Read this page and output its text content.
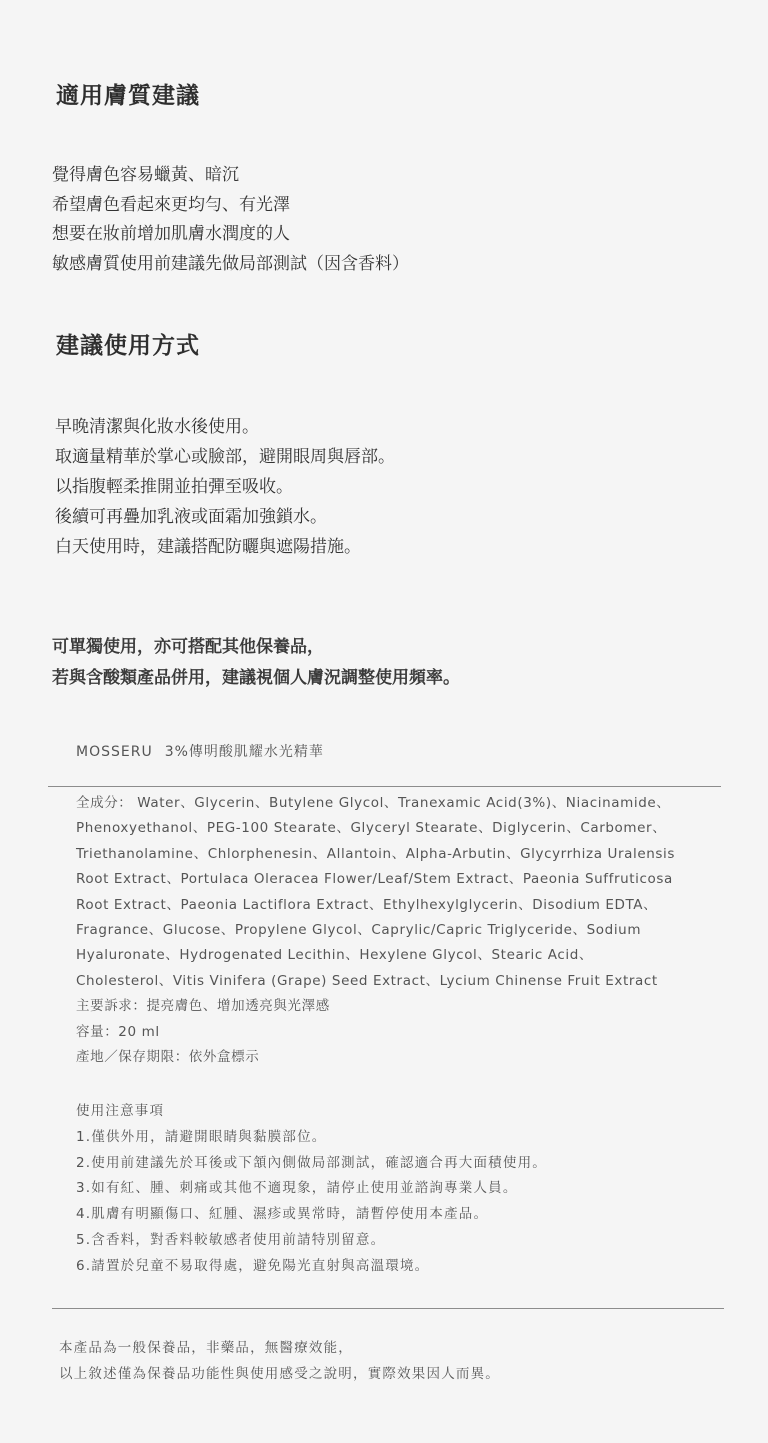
適用膚質建議
覺得膚色容易蠟黃、暗沉
希望膚色看起來更均勻、有光澤
想要在妝前增加肌膚水潤度的人
敏感膚質使用前建議先做局部測試（因含香料）
建議使用方式
早晚清潔與化妝水後使用。
取適量精華於掌心或臉部，避開眼周與唇部。
以指腹輕柔推開並拍彈至吸收。
後續可再疊加乳液或面霜加強鎖水。
白天使用時，建議搭配防曬與遮陽措施。
可單獨使用，亦可搭配其他保養品，
若與含酸類產品併用，建議視個人膚況調整使用頻率。
MOSSERU 3%傳明酸肌耀水光精華

全成分： Water、Glycerin、Butylene Glycol、Tranexamic Acid(3%)、Niacinamide、

Phenoxyethanol、PEG-100 Stearate、Glyceryl Stearate、Diglycerin、Carbomer、

Triethanolamine、Chlorphenesin、Allantoin、Alpha-Arbutin、Glycyrrhiza Uralensis

Root Extract、Portulaca Oleracea Flower/Leaf/Stem Extract、Paeonia Suffruticosa

Root Extract、Paeonia Lactiflora Extract、Ethylhexylglycerin、Disodium EDTA、

Fragrance、Glucose、Propylene Glycol、Caprylic/Capric Triglyceride、Sodium

Hyaluronate、Hydrogenated Lecithin、Hexylene Glycol、Stearic Acid、

Cholesterol、Vitis Vinifera (Grape) Seed Extract、Lycium Chinense Fruit Extract

主要訴求：提亮膚色、增加透亮與光澤感

容量：20 ml

產地／保存期限：依外盒標示

使用注意事項
1.僅供外用，請避開眼睛與黏膜部位。
2.使用前建議先於耳後或下頷內側做局部測試，確認適合再大面積使用。
3.如有紅、腫、刺痛或其他不適現象，請停止使用並諮詢專業人員。
4.肌膚有明顯傷口、紅腫、濕疹或異常時，請暫停使用本產品。
5.含香料，對香料較敏感者使用前請特別留意。
6.請置於兒童不易取得處，避免陽光直射與高溫環境。
本產品為一般保養品，非藥品，無醫療效能，
以上敘述僅為保養品功能性與使用感受之說明，實際效果因人而異。
